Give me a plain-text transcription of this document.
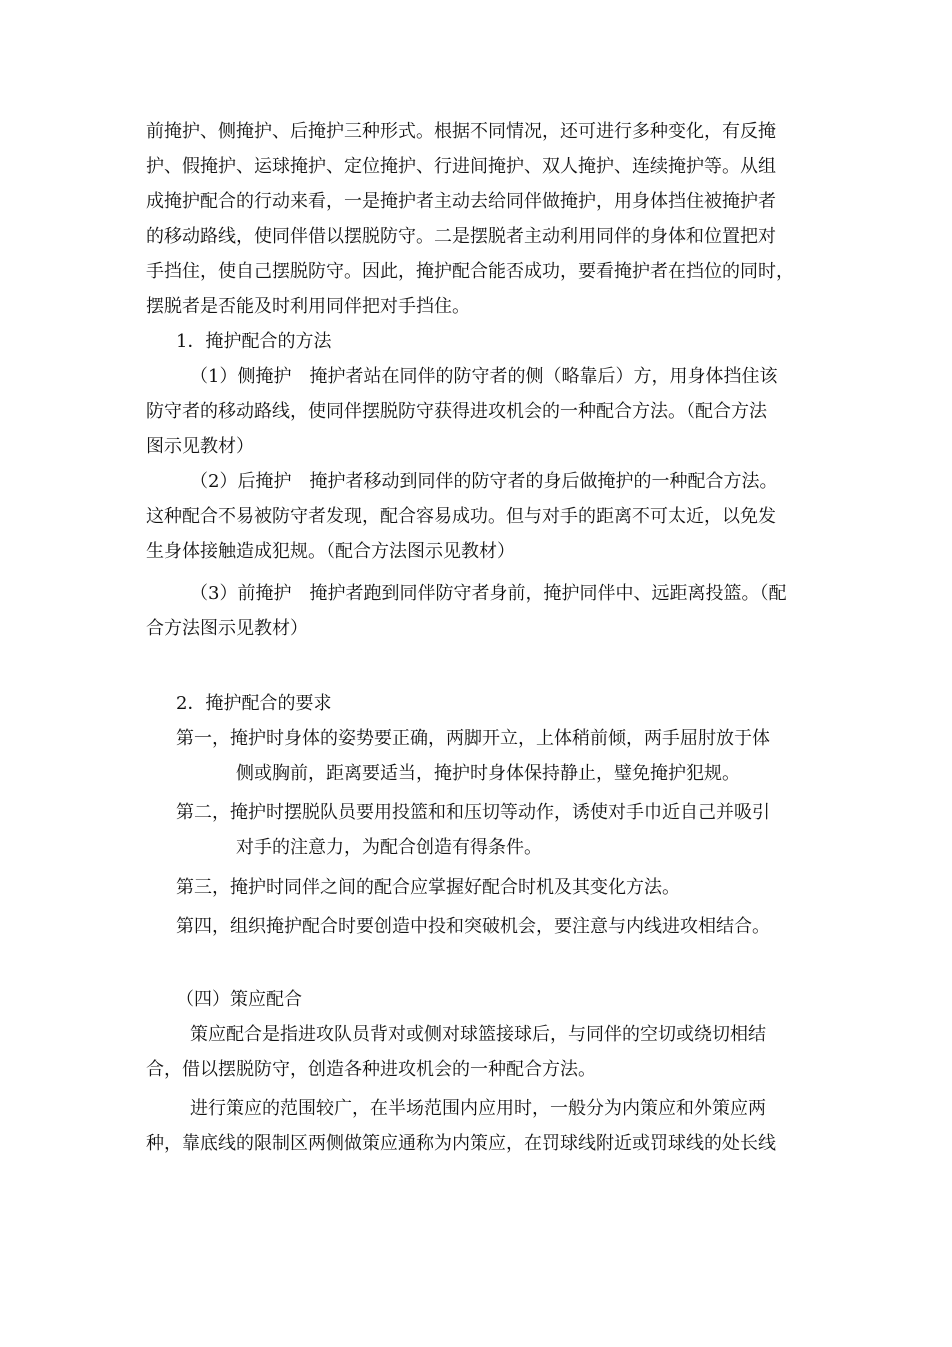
前掩护、侧掩护、后掩护三种形式。根据不同情况，还可进行多种变化，有反掩
护、假掩护、运球掩护、定位掩护、行进间掩护、双人掩护、连续掩护等。从组
成掩护配合的行动来看，一是掩护者主动去给同伴做掩护，用身体挡住被掩护者
的移动路线，使同伴借以摆脱防守。二是摆脱者主动利用同伴的身体和位置把对
手挡住，使自己摆脱防守。因此，掩护配合能否成功，要看掩护者在挡位的同时，
摆脱者是否能及时利用同伴把对手挡住。
1．掩护配合的方法
（1）侧掩护　掩护者站在同伴的防守者的侧（略靠后）方，用身体挡住该
防守者的移动路线，使同伴摆脱防守获得进攻机会的一种配合方法。（配合方法
图示见教材）
（2）后掩护　掩护者移动到同伴的防守者的身后做掩护的一种配合方法。
这种配合不易被防守者发现，配合容易成功。但与对手的距离不可太近，以免发
生身体接触造成犯规。（配合方法图示见教材）
（3）前掩护　掩护者跑到同伴防守者身前，掩护同伴中、远距离投篮。（配
合方法图示见教材）
2．掩护配合的要求
第一，掩护时身体的姿势要正确，两脚开立，上体稍前倾，两手屈肘放于体
侧或胸前，距离要适当，掩护时身体保持静止，璧免掩护犯规。
第二，掩护时摆脱队员要用投篮和和压切等动作，诱使对手巾近自己并吸引
对手的注意力，为配合创造有得条件。
第三，掩护时同伴之间的配合应掌握好配合时机及其变化方法。
第四，组织掩护配合时要创造中投和突破机会，要注意与内线进攻相结合。
（四）策应配合
策应配合是指进攻队员背对或侧对球篮接球后，与同伴的空切或绕切相结
合，借以摆脱防守，创造各种进攻机会的一种配合方法。
进行策应的范围较广，在半场范围内应用时，一般分为内策应和外策应两
种，靠底线的限制区两侧做策应通称为内策应，在罚球线附近或罚球线的处长线
